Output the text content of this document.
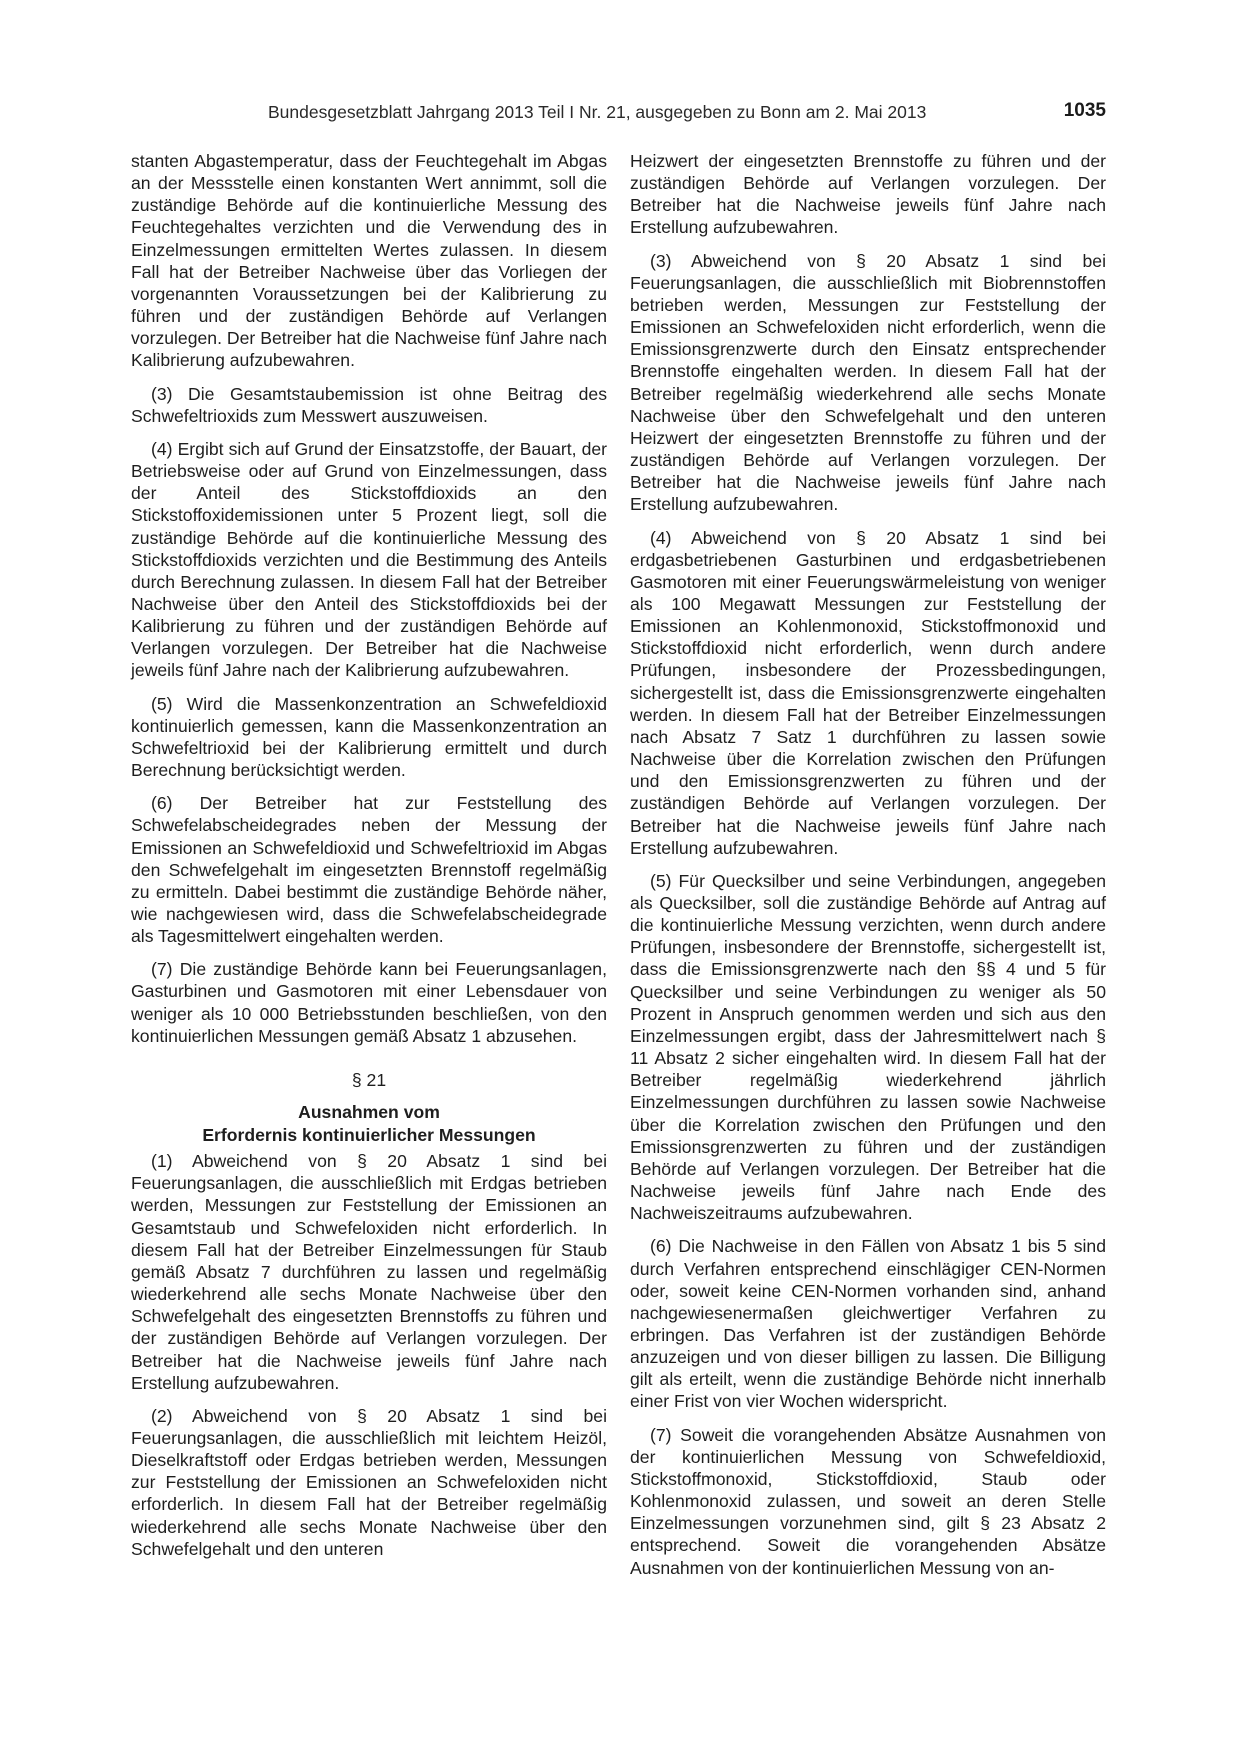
Bundesgesetzblatt Jahrgang 2013 Teil I Nr. 21, ausgegeben zu Bonn am 2. Mai 2013	1035

stanten Abgastemperatur, dass der Feuchtegehalt im Abgas an der Messstelle einen konstanten Wert annimmt, soll die zuständige Behörde auf die kontinuierliche Messung des Feuchtegehaltes verzichten und die Verwendung des in Einzelmessungen ermittelten Wertes zulassen. In diesem Fall hat der Betreiber Nachweise über das Vorliegen der vorgenannten Voraussetzungen bei der Kalibrierung zu führen und der zuständigen Behörde auf Verlangen vorzulegen. Der Betreiber hat die Nachweise fünf Jahre nach Kalibrierung aufzubewahren.

(3) Die Gesamtstaubemission ist ohne Beitrag des Schwefeltrioxids zum Messwert auszuweisen.

(4) Ergibt sich auf Grund der Einsatzstoffe, der Bauart, der Betriebsweise oder auf Grund von Einzelmessungen, dass der Anteil des Stickstoffdioxids an den Stickstoffoxidemissionen unter 5 Prozent liegt, soll die zuständige Behörde auf die kontinuierliche Messung des Stickstoffdioxids verzichten und die Bestimmung des Anteils durch Berechnung zulassen. In diesem Fall hat der Betreiber Nachweise über den Anteil des Stickstoffdioxids bei der Kalibrierung zu führen und der zuständigen Behörde auf Verlangen vorzulegen. Der Betreiber hat die Nachweise jeweils fünf Jahre nach der Kalibrierung aufzubewahren.

(5) Wird die Massenkonzentration an Schwefeldioxid kontinuierlich gemessen, kann die Massenkonzentration an Schwefeltrioxid bei der Kalibrierung ermittelt und durch Berechnung berücksichtigt werden.

(6) Der Betreiber hat zur Feststellung des Schwefelabscheidegrades neben der Messung der Emissionen an Schwefeldioxid und Schwefeltrioxid im Abgas den Schwefelgehalt im eingesetzten Brennstoff regelmäßig zu ermitteln. Dabei bestimmt die zuständige Behörde näher, wie nachgewiesen wird, dass die Schwefelabscheidegrade als Tagesmittelwert eingehalten werden.

(7) Die zuständige Behörde kann bei Feuerungsanlagen, Gasturbinen und Gasmotoren mit einer Lebensdauer von weniger als 10 000 Betriebsstunden beschließen, von den kontinuierlichen Messungen gemäß Absatz 1 abzusehen.

§ 21
Ausnahmen vom
Erfordernis kontinuierlicher Messungen

(1) Abweichend von § 20 Absatz 1 sind bei Feuerungsanlagen, die ausschließlich mit Erdgas betrieben werden, Messungen zur Feststellung der Emissionen an Gesamtstaub und Schwefeloxiden nicht erforderlich. In diesem Fall hat der Betreiber Einzelmessungen für Staub gemäß Absatz 7 durchführen zu lassen und regelmäßig wiederkehrend alle sechs Monate Nachweise über den Schwefelgehalt des eingesetzten Brennstoffs zu führen und der zuständigen Behörde auf Verlangen vorzulegen. Der Betreiber hat die Nachweise jeweils fünf Jahre nach Erstellung aufzubewahren.

(2) Abweichend von § 20 Absatz 1 sind bei Feuerungsanlagen, die ausschließlich mit leichtem Heizöl, Dieselkraftstoff oder Erdgas betrieben werden, Messungen zur Feststellung der Emissionen an Schwefeloxiden nicht erforderlich. In diesem Fall hat der Betreiber regelmäßig wiederkehrend alle sechs Monate Nachweise über den Schwefelgehalt und den unteren

Heizwert der eingesetzten Brennstoffe zu führen und der zuständigen Behörde auf Verlangen vorzulegen. Der Betreiber hat die Nachweise jeweils fünf Jahre nach Erstellung aufzubewahren.

(3) Abweichend von § 20 Absatz 1 sind bei Feuerungsanlagen, die ausschließlich mit Biobrennstoffen betrieben werden, Messungen zur Feststellung der Emissionen an Schwefeloxiden nicht erforderlich, wenn die Emissionsgrenzwerte durch den Einsatz entsprechender Brennstoffe eingehalten werden. In diesem Fall hat der Betreiber regelmäßig wiederkehrend alle sechs Monate Nachweise über den Schwefelgehalt und den unteren Heizwert der eingesetzten Brennstoffe zu führen und der zuständigen Behörde auf Verlangen vorzulegen. Der Betreiber hat die Nachweise jeweils fünf Jahre nach Erstellung aufzubewahren.

(4) Abweichend von § 20 Absatz 1 sind bei erdgasbetriebenen Gasturbinen und erdgasbetriebenen Gasmotoren mit einer Feuerungswärmeleistung von weniger als 100 Megawatt Messungen zur Feststellung der Emissionen an Kohlenmonoxid, Stickstoffmonoxid und Stickstoffdioxid nicht erforderlich, wenn durch andere Prüfungen, insbesondere der Prozessbedingungen, sichergestellt ist, dass die Emissionsgrenzwerte eingehalten werden. In diesem Fall hat der Betreiber Einzelmessungen nach Absatz 7 Satz 1 durchführen zu lassen sowie Nachweise über die Korrelation zwischen den Prüfungen und den Emissionsgrenzwerten zu führen und der zuständigen Behörde auf Verlangen vorzulegen. Der Betreiber hat die Nachweise jeweils fünf Jahre nach Erstellung aufzubewahren.

(5) Für Quecksilber und seine Verbindungen, angegeben als Quecksilber, soll die zuständige Behörde auf Antrag auf die kontinuierliche Messung verzichten, wenn durch andere Prüfungen, insbesondere der Brennstoffe, sichergestellt ist, dass die Emissionsgrenzwerte nach den §§ 4 und 5 für Quecksilber und seine Verbindungen zu weniger als 50 Prozent in Anspruch genommen werden und sich aus den Einzelmessungen ergibt, dass der Jahresmittelwert nach § 11 Absatz 2 sicher eingehalten wird. In diesem Fall hat der Betreiber regelmäßig wiederkehrend jährlich Einzelmessungen durchführen zu lassen sowie Nachweise über die Korrelation zwischen den Prüfungen und den Emissionsgrenzwerten zu führen und der zuständigen Behörde auf Verlangen vorzulegen. Der Betreiber hat die Nachweise jeweils fünf Jahre nach Ende des Nachweiszeitraums aufzubewahren.

(6) Die Nachweise in den Fällen von Absatz 1 bis 5 sind durch Verfahren entsprechend einschlägiger CEN-Normen oder, soweit keine CEN-Normen vorhanden sind, anhand nachgewiesenermaßen gleichwertiger Verfahren zu erbringen. Das Verfahren ist der zuständigen Behörde anzuzeigen und von dieser billigen zu lassen. Die Billigung gilt als erteilt, wenn die zuständige Behörde nicht innerhalb einer Frist von vier Wochen widerspricht.

(7) Soweit die vorangehenden Absätze Ausnahmen von der kontinuierlichen Messung von Schwefeldioxid, Stickstoffmonoxid, Stickstoffdioxid, Staub oder Kohlenmonoxid zulassen, und soweit an deren Stelle Einzelmessungen vorzunehmen sind, gilt § 23 Absatz 2 entsprechend. Soweit die vorangehenden Absätze Ausnahmen von der kontinuierlichen Messung von an-
